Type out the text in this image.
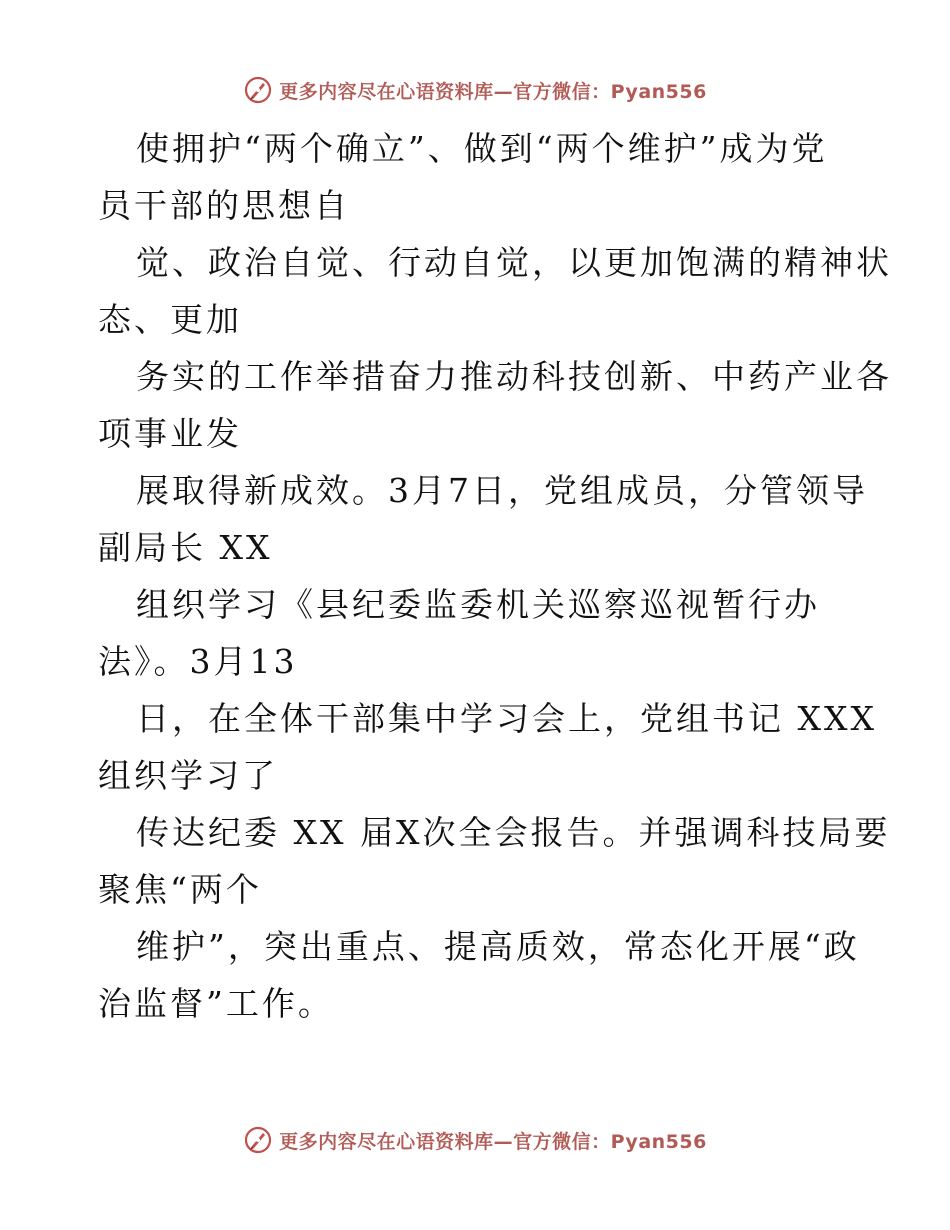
更多内容尽在心语资料库—官方微信：Pyan556
使拥护“两个确立”、做到“两个维护”成为党
员干部的思想自
觉、政治自觉、行动自觉，以更加饱满的精神状
态、更加
务实的工作举措奋力推动科技创新、中药产业各
项事业发
展取得新成效。3月7日，党组成员，分管领导
副局长 XX
组织学习《县纪委监委机关巡察巡视暂行办
法》。3月13
日，在全体干部集中学习会上，党组书记 XXX
组织学习了
传达纪委 XX 届X次全会报告。并强调科技局要
聚焦“两个
维护”，突出重点、提高质效，常态化开展“政
治监督”工作。
更多内容尽在心语资料库—官方微信：Pyan556
